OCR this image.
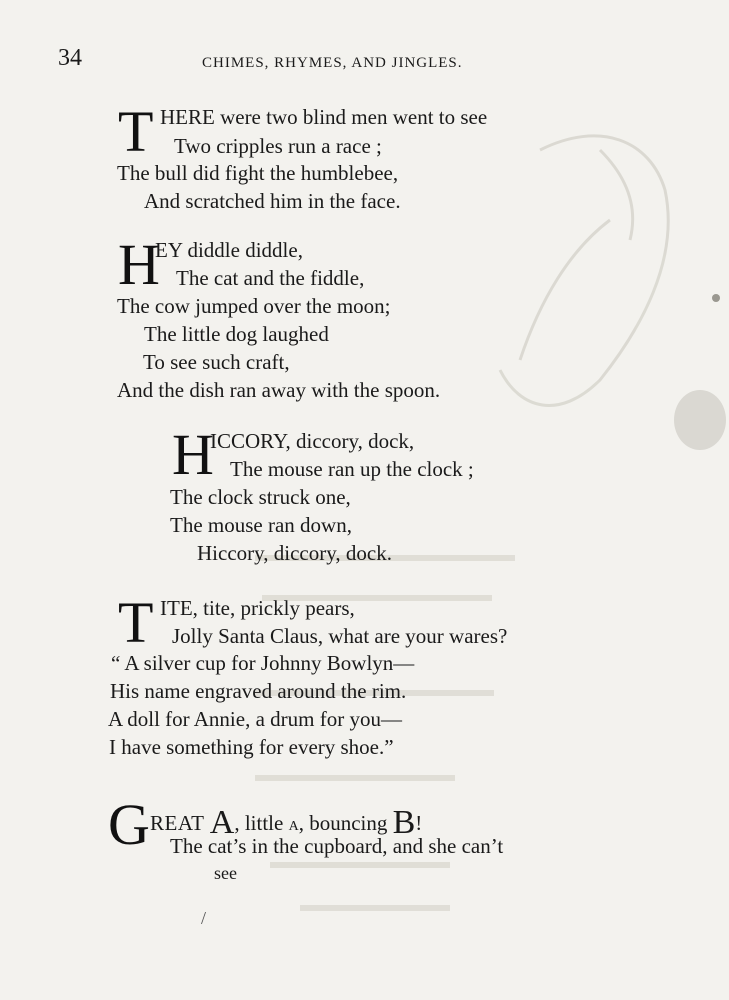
34	CHIMES, RHYMES, AND JINGLES.
T HERE were two blind men went to see
Two cripples run a race ;
The bull did fight the humblebee,
And scratched him in the face.
H
EY diddle diddle,
The cat and the fiddle,
The cow jumped over the moon;
The little dog laughed
To see such craft,
And the dish ran away with the spoon.
H
ICCORY, diccory, dock,
The mouse ran up the clock ;
The clock struck one,
The mouse ran down,
Hiccory, diccory, dock.
T ITE, tite, prickly pears,
Jolly Santa Claus, what are your wares?
“ A silver cup for Johnny Bowlyn—
His name engraved around the rim.
A doll for Annie, a drum for you—
I have something for every shoe.”
G REAT A, little A, bouncing B!
The cat’s in the cupboard, and she can’t
see
/
